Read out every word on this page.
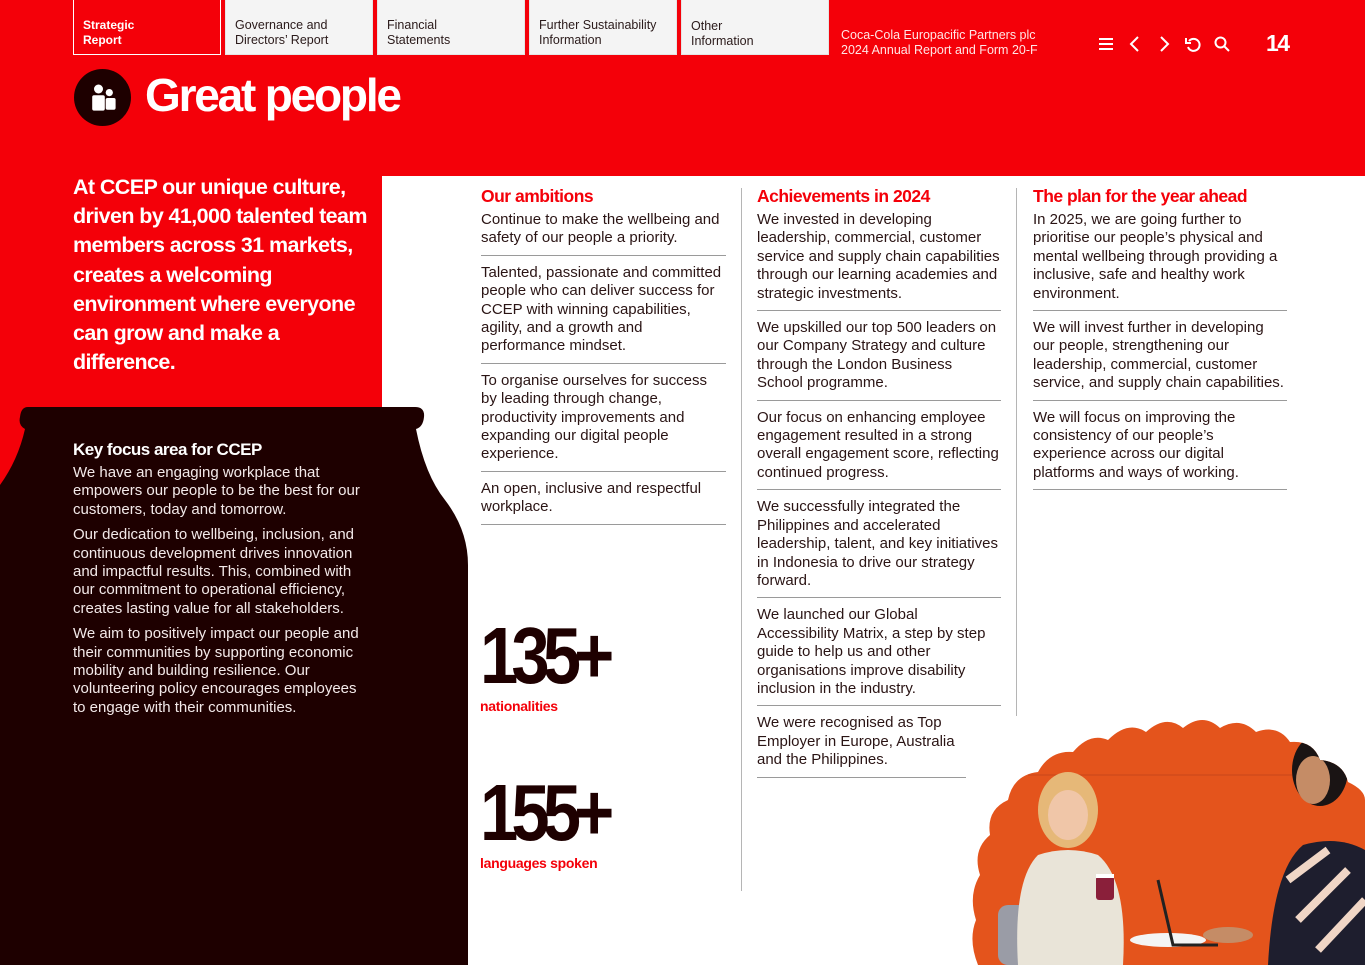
Strategic
Report
Governance and
Directors’ Report
Financial
Statements
Further Sustainability
Information
Other
Information	Coca-Cola Europacific Partners plc
2024 Annual Report and Form 20-F	14
Great people
At CCEP our unique culture, driven by 41,000 talented team members across 31 markets, creates a welcoming environment where everyone can grow and make a difference.
Key focus area for CCEP

We have an engaging workplace that empowers our people to be the best for our customers, today and tomorrow.

Our dedication to wellbeing, inclusion, and continuous development drives innovation and impactful results. This, combined with our commitment to operational efficiency, creates lasting value for all stakeholders.

We aim to positively impact our people and their communities by supporting economic mobility and building resilience. Our volunteering policy encourages employees to engage with their communities.

Our ambitions
Continue to make the wellbeing and safety of our people a priority.
Talented, passionate and committed people who can deliver success for CCEP with winning capabilities, agility, and a growth and performance mindset.
To organise ourselves for success by leading through change, productivity improvements and expanding our digital people experience.
An open, inclusive and respectful workplace.
Achievements in 2024
We invested in developing leadership, commercial, customer service and supply chain capabilities through our learning academies and strategic investments.
We upskilled our top 500 leaders on our Company Strategy and culture through the London Business School programme.
Our focus on enhancing employee engagement resulted in a strong overall engagement score, reflecting continued progress.
We successfully integrated the Philippines and accelerated leadership, talent, and key initiatives in Indonesia to drive our strategy forward.
We launched our Global Accessibility Matrix, a step by step guide to help us and other organisations improve disability inclusion in the industry.
We were recognised as Top Employer in Europe, Australia and the Philippines.
The plan for the year ahead
In 2025, we are going further to prioritise our people’s physical and mental wellbeing through providing a inclusive, safe and healthy work environment.
We will invest further in developing our people, strengthening our leadership, commercial, customer service, and supply chain capabilities.
We will focus on improving the consistency of our people’s experience across our digital platforms and ways of working.
135+
nationalities
155+
languages spoken
